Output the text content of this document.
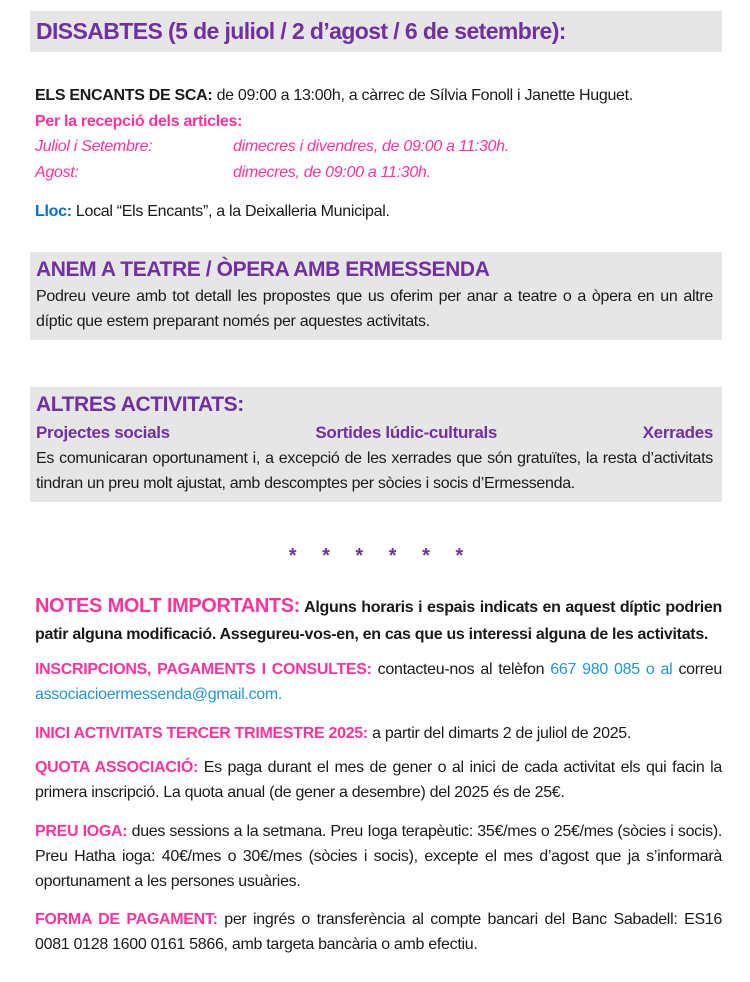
DISSABTES (5 de juliol / 2 d’agost / 6 de setembre):

ELS ENCANTS DE SCA: de 09:00 a 13:00h, a càrrec de Sílvia Fonoll i Janette Huguet.

Per la recepció dels articles:

Juliol i Setembre:	dimecres i divendres, de 09:00 a 11:30h.
Agost:	dimecres, de 09:00 a 11:30h.

Lloc: Local “Els Encants”, a la Deixalleria Municipal.

ANEM A TEATRE / ÒPERA AMB ERMESSENDA

Podreu veure amb tot detall les propostes que us oferim per anar a teatre o a òpera en un altre díptic que estem preparant només per aquestes activitats.

ALTRES ACTIVITATS:
Projectes socials	Sortides lúdic-culturals	Xerrades

Es comunicaran oportunament i, a excepció de les xerrades que són gratuïtes, la resta d’activitats tindran un preu molt ajustat, amb descomptes per sòcies i socis d’Ermessenda.

* * * * * *

NOTES MOLT IMPORTANTS: Alguns horaris i espais indicats en aquest díptic podrien patir alguna modificació. Assegureu-vos-en, en cas que us interessi alguna de les activitats.

INSCRIPCIONS, PAGAMENTS I CONSULTES: contacteu-nos al telèfon 667 980 085 o al correu associacioermessenda@gmail.com.

INICI ACTIVITATS TERCER TRIMESTRE 2025: a partir del dimarts 2 de juliol de 2025.

QUOTA ASSOCIACIÓ: Es paga durant el mes de gener o al inici de cada activitat els qui facin la primera inscripció. La quota anual (de gener a desembre) del 2025 és de 25€.

PREU IOGA: dues sessions a la setmana. Preu Ioga terapèutic: 35€/mes o 25€/mes (sòcies i socis). Preu Hatha ioga: 40€/mes o 30€/mes (sòcies i socis), excepte el mes d’agost que ja s’informarà oportunament a les persones usuàries.

FORMA DE PAGAMENT: per ingrés o transferència al compte bancari del Banc Sabadell: ES16 0081 0128 1600 0161 5866, amb targeta bancària o amb efectiu.
